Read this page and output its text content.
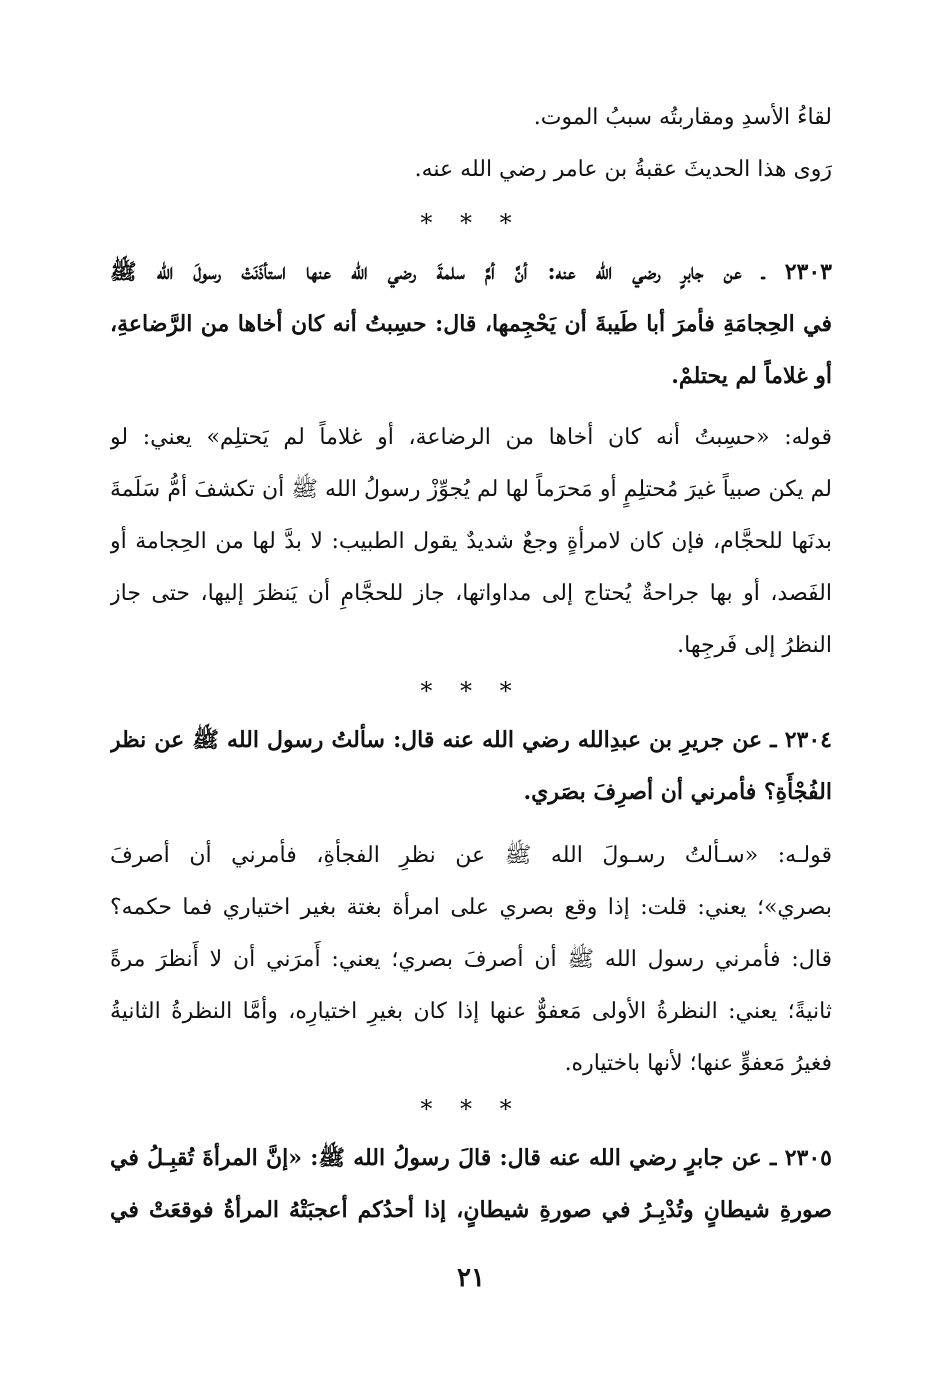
لقاءُ الأسدِ ومقاربتُه سببُ الموت.
رَوى هذا الحديثَ عقبةُ بن عامر رضي الله عنه.
* * *
٢٣٠٣ ـ عن جابرٍ رضي الله عنه: أنَّ أمَّ سلمةَ رضي الله عنها استأذَنَتْ رسولَ الله ﷺ
في الحِجامَةِ فأمرَ أبا طَيبةَ أن يَحْجِمها، قال: حسِبتُ أنه كان أخاها من الرَّضاعةِ،
أو غلاماً لم يحتلمْ.
قوله: «حسِبتُ أنه كان أخاها من الرضاعة، أو غلاماً لم يَحتلِم» يعني: لو
لم يكن صبياً غيرَ مُحتلِمٍ أو مَحرَماً لها لم يُجوِّزْ رسولُ الله ﷺ أن تكشفَ أمُّ سَلَمةَ
بدنَها للحجَّام، فإن كان لامرأةٍ وجعٌ شديدٌ يقول الطبيب: لا بدَّ لها من الحِجامة أو
الفَصد، أو بها جراحةٌ يُحتاج إلى مداواتها، جاز للحجَّامِ أن يَنظرَ إليها، حتى جاز
النظرُ إلى فَرجِها.
* * *
٢٣٠٤ ـ عن جريرِ بن عبدِالله رضي الله عنه قال: سألتُ رسول الله ﷺ عن نظر
الفُجْأَةِ؟ فأمرني أن أصرِفَ بصَري.
قولـه: «سـألتُ رسـولَ الله ﷺ عن نظرِ الفجأةِ، فأمرني أن أصرفَ
بصري»؛ يعني: قلت: إذا وقع بصري على امرأة بغتة بغير اختياري فما حكمه؟
قال: فأمرني رسول الله ﷺ أن أصرفَ بصري؛ يعني: أَمرَني أن لا أَنظرَ مرةً
ثانيةً؛ يعني: النظرةُ الأولى مَعفوٌّ عنها إذا كان بغيرِ اختيارِه، وأمَّا النظرةُ الثانيةُ
فغيرُ مَعفوٍّ عنها؛ لأنها باختياره.
* * *
٢٣٠٥ ـ عن جابرٍ رضي الله عنه قال: قالَ رسولُ الله ﷺ: «إنَّ المرأةَ تُقبِـلُ في
صورةِ شيطانٍ وتُدْبِـرُ في صورةِ شيطانٍ، إذا أحدُكم أعجبَتْهُ المرأةُ فوقعَتْ في
٢١
